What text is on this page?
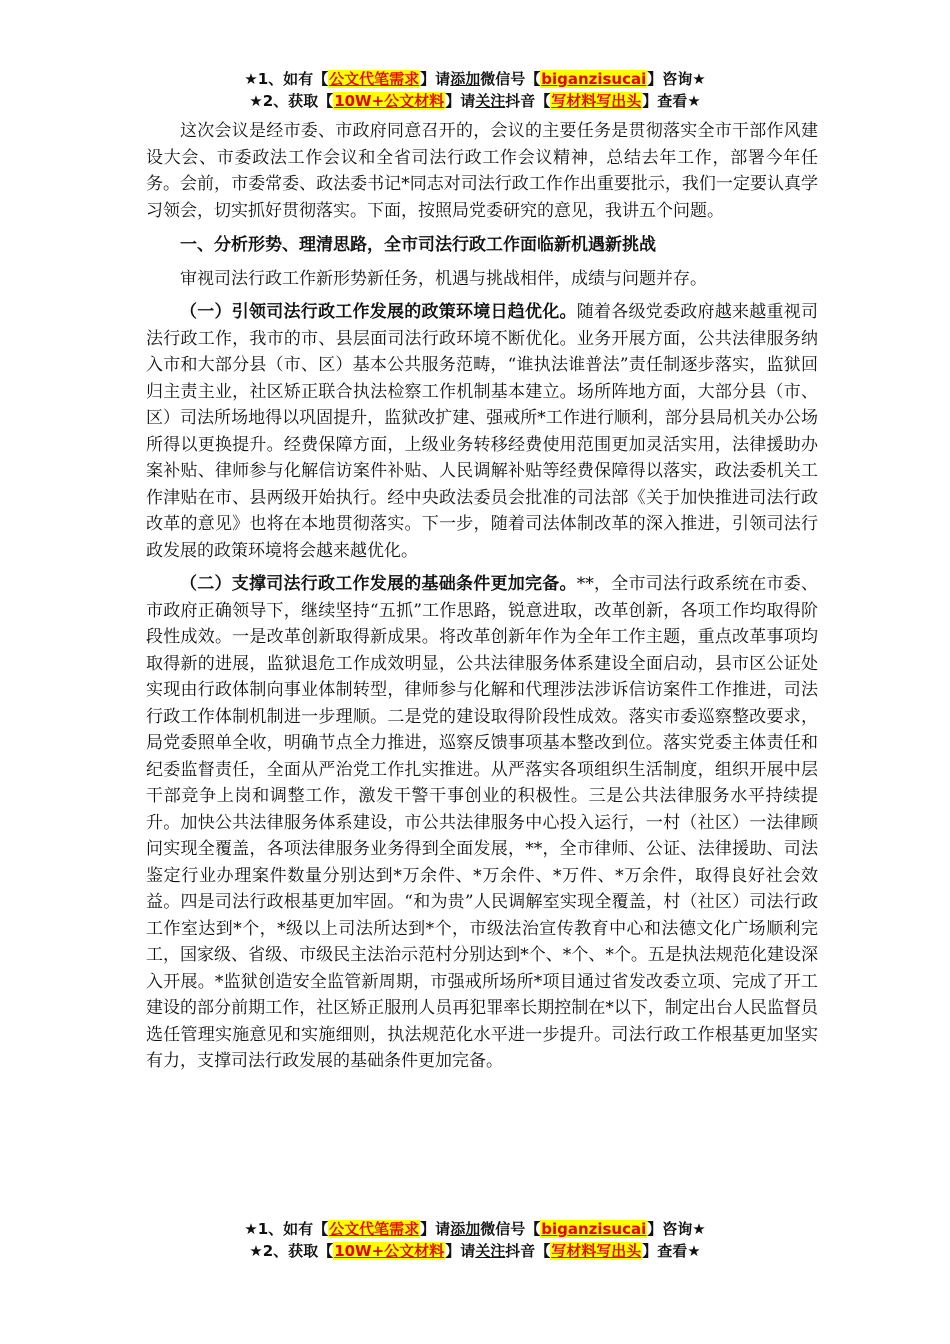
★1、如有【公文代笔需求】请添加微信号【biganzisucai】咨询★
★2、获取【10W+公文材料】请关注抖音【写材料写出头】查看★

这次会议是经市委、市政府同意召开的，会议的主要任务是贯彻落实全市干部作风建设大会、市委政法工作会议和全省司法行政工作会议精神，总结去年工作，部署今年任务。会前，市委常委、政法委书记*同志对司法行政工作作出重要批示，我们一定要认真学习领会，切实抓好贯彻落实。下面，按照局党委研究的意见，我讲五个问题。

一、分析形势、理清思路，全市司法行政工作面临新机遇新挑战

审视司法行政工作新形势新任务，机遇与挑战相伴，成绩与问题并存。

（一）引领司法行政工作发展的政策环境日趋优化。随着各级党委政府越来越重视司法行政工作，我市的市、县层面司法行政环境不断优化。业务开展方面，公共法律服务纳入市和大部分县（市、区）基本公共服务范畴，“谁执法谁普法”责任制逐步落实，监狱回归主责主业，社区矫正联合执法检察工作机制基本建立。场所阵地方面，大部分县（市、区）司法所场地得以巩固提升，监狱改扩建、强戒所*工作进行顺利，部分县局机关办公场所得以更换提升。经费保障方面，上级业务转移经费使用范围更加灵活实用，法律援助办案补贴、律师参与化解信访案件补贴、人民调解补贴等经费保障得以落实，政法委机关工作津贴在市、县两级开始执行。经中央政法委员会批准的司法部《关于加快推进司法行政改革的意见》也将在本地贯彻落实。下一步，随着司法体制改革的深入推进，引领司法行政发展的政策环境将会越来越优化。

（二）支撑司法行政工作发展的基础条件更加完备。**，全市司法行政系统在市委、市政府正确领导下，继续坚持“五抓”工作思路，锐意进取，改革创新，各项工作均取得阶段性成效。一是改革创新取得新成果。将改革创新年作为全年工作主题，重点改革事项均取得新的进展，监狱退危工作成效明显，公共法律服务体系建设全面启动，县市区公证处实现由行政体制向事业体制转型，律师参与化解和代理涉法涉诉信访案件工作推进，司法行政工作体制机制进一步理顺。二是党的建设取得阶段性成效。落实市委巡察整改要求，局党委照单全收，明确节点全力推进，巡察反馈事项基本整改到位。落实党委主体责任和纪委监督责任，全面从严治党工作扎实推进。从严落实各项组织生活制度，组织开展中层干部竞争上岗和调整工作，激发干警干事创业的积极性。三是公共法律服务水平持续提升。加快公共法律服务体系建设，市公共法律服务中心投入运行，一村（社区）一法律顾问实现全覆盖，各项法律服务业务得到全面发展，**，全市律师、公证、法律援助、司法鉴定行业办理案件数量分别达到*万余件、*万余件、*万件、*万余件，取得良好社会效益。四是司法行政根基更加牢固。“和为贵”人民调解室实现全覆盖，村（社区）司法行政工作室达到*个，*级以上司法所达到*个，市级法治宣传教育中心和法德文化广场顺利完工，国家级、省级、市级民主法治示范村分别达到*个、*个、*个。五是执法规范化建设深入开展。*监狱创造安全监管新周期，市强戒所场所*项目通过省发改委立项、完成了开工建设的部分前期工作，社区矫正服刑人员再犯罪率长期控制在*以下，制定出台人民监督员选任管理实施意见和实施细则，执法规范化水平进一步提升。司法行政工作根基更加坚实有力，支撑司法行政发展的基础条件更加完备。

★1、如有【公文代笔需求】请添加微信号【biganzisucai】咨询★
★2、获取【10W+公文材料】请关注抖音【写材料写出头】查看★
